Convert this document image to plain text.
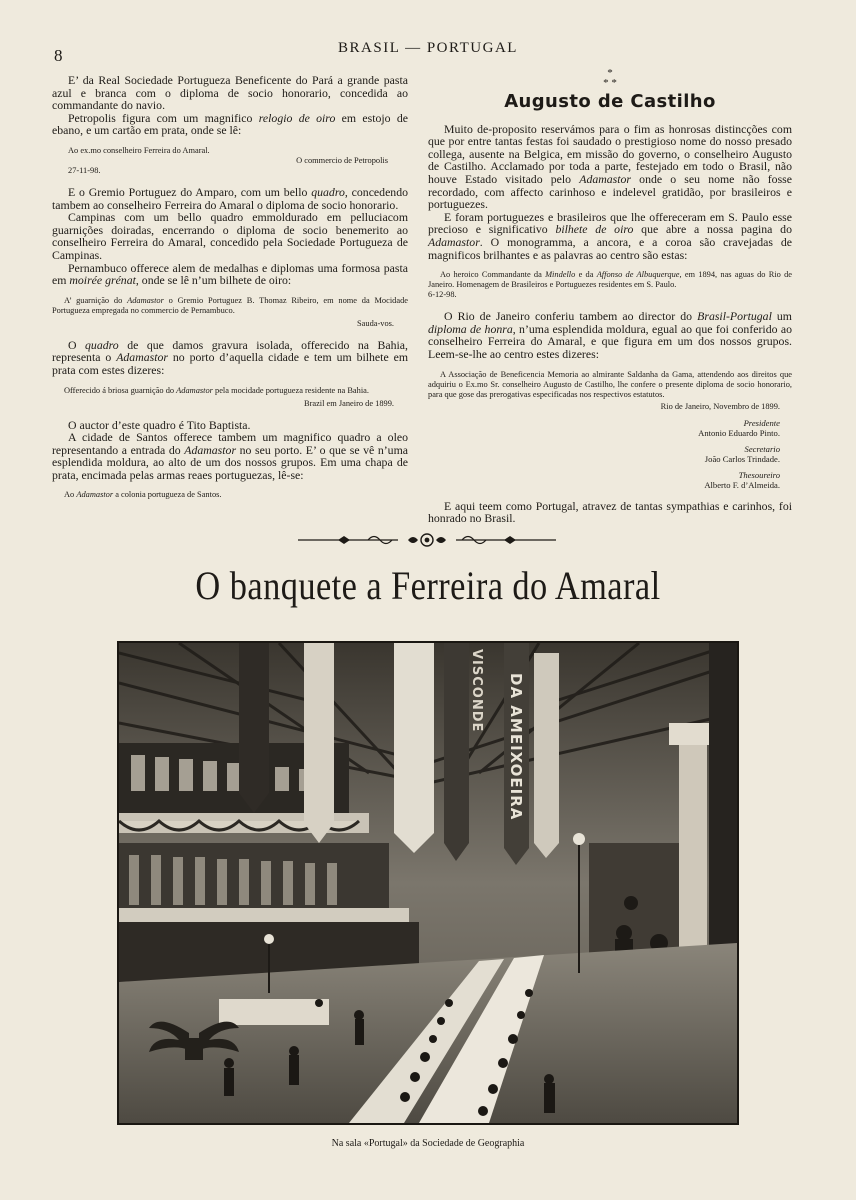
8	BRASIL — PORTUGAL

E’ da Real Sociedade Portugueza Beneficente do Pará a grande pasta azul e branca com o diploma de socio honorario, concedida ao commandante do navio.

Petropolis figura com um magnifico relogio de oiro em estojo de ebano, e um cartão em prata, onde se lê:

Ao ex.mo conselheiro Ferreira do Amaral.

O commercio de Petropolis

27-11-98.

E o Gremio Portuguez do Amparo, com um bello quadro, concedendo tambem ao conselheiro Ferreira do Amaral o diploma de socio honorario.

Campinas com um bello quadro emmoldurado em pelluciacom guarnições doiradas, encerrando o diploma de socio benemerito ao conselheiro Ferreira do Amaral, concedido pela Sociedade Portugueza de Campinas.

Pernambuco offerece alem de medalhas e diplomas uma formosa pasta em moirée grénat, onde se lê n’um bilhete de oiro:

A’ guarnição do Adamastor o Gremio Portuguez B. Thomaz Ribeiro, em nome da Mocidade Portugueza empregada no commercio de Pernambuco.

Sauda-vos.

O quadro de que damos gravura isolada, offerecido na Bahia, representa o Adamastor no porto d’aquella cidade e tem um bilhete em prata com estes dizeres:

Offerecido á briosa guarnição do Adamastor pela mocidade portugueza residente na Bahia.

Brazil em Janeiro de 1899.

O auctor d’este quadro é Tito Baptista.

A cidade de Santos offerece tambem um magnifico quadro a oleo representando a entrada do Adamastor no seu porto. E’ o que se vê n’uma esplendida moldura, ao alto de um dos nossos grupos. Em uma chapa de prata, encimada pelas armas reaes portuguezas, lê-se:

Ao Adamastor a colonia portugueza de Santos.

*
* *
Augusto de Castilho

Muito de-proposito reservámos para o fim as honrosas distincções com que por entre tantas festas foi saudado o prestigioso nome do nosso presado collega, ausente na Belgica, em missão do governo, o conselheiro Augusto de Castilho. Acclamado por toda a parte, festejado em todo o Brasil, não houve Estado visitado pelo Adamastor onde o seu nome não fosse recordado, com affecto carinhoso e indelevel gratidão, por brasileiros e portuguezes.

E foram portuguezes e brasileiros que lhe offereceram em S. Paulo esse precioso e significativo bilhete de oiro que abre a nossa pagina do Adamastor. O monogramma, a ancora, e a coroa são cravejadas de magnificos brilhantes e as palavras ao centro são estas:

Ao heroico Commandante da Mindello e da Affonso de Albuquerque, em 1894, nas aguas do Rio de Janeiro. Homenagem de Brasileiros e Portuguezes residentes em S. Paulo.

6-12-98.

O Rio de Janeiro conferiu tambem ao director do Brasil-Portugal um diploma de honra, n’uma esplendida moldura, egual ao que foi conferido ao conselheiro Ferreira do Amaral, e que figura em um dos nossos grupos. Leem-se-lhe ao centro estes dizeres:

A Associação de Beneficencia Memoria ao almirante Saldanha da Gama, attendendo aos direitos que adquiriu o Ex.mo Sr. conselheiro Augusto de Castilho, lhe confere o presente diploma de socio honorario, para que gose das prerogativas especificadas nos respectivos estatutos.

Rio de Janeiro, Novembro de 1899.

Presidente
Antonio Eduardo Pinto.
Secretario
João Carlos Trindade.
Thesoureiro
Alberto F. d’Almeida.

E aqui teem como Portugal, atravez de tantas sympathias e carinhos, foi honrado no Brasil.

O banquete a Ferreira do Amaral
DA AMEIXOEIRA
VISCONDE
Na sala «Portugal» da Sociedade de Geographia
